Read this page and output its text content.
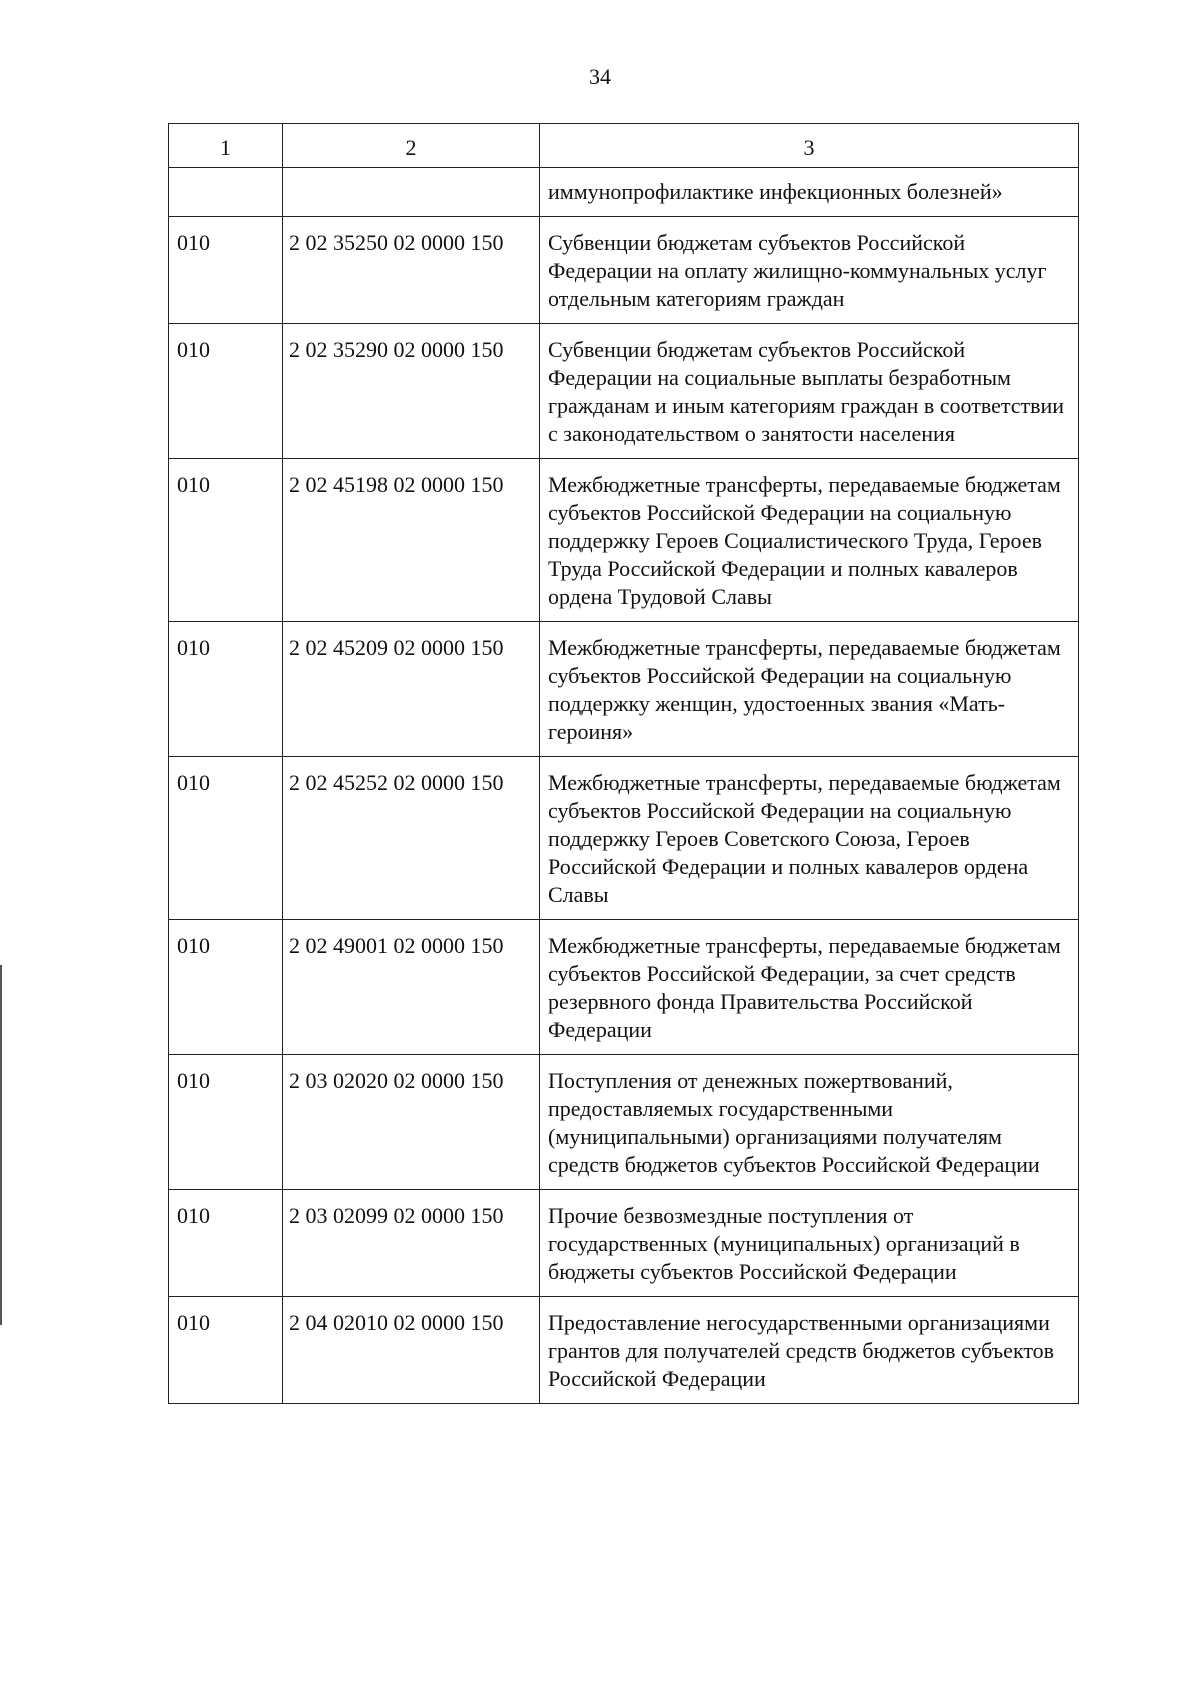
34
1	2	3
		иммунопрофилактике инфекционных болезней»
010	2 02 35250 02 0000 150	Субвенции бюджетам субъектов Российской Федерации на оплату жилищно-коммунальных услуг отдельным категориям граждан
010	2 02 35290 02 0000 150	Субвенции бюджетам субъектов Российской Федерации на социальные выплаты безработным гражданам и иным категориям граждан в соответствии с законодательством о занятости населения
010	2 02 45198 02 0000 150	Межбюджетные трансферты, передаваемые бюджетам субъектов Российской Федерации на социальную поддержку Героев Социалистического Труда, Героев Труда Российской Федерации и полных кавалеров ордена Трудовой Славы
010	2 02 45209 02 0000 150	Межбюджетные трансферты, передаваемые бюджетам субъектов Российской Федерации на социальную поддержку женщин, удостоенных звания «Мать-героиня»
010	2 02 45252 02 0000 150	Межбюджетные трансферты, передаваемые бюджетам субъектов Российской Федерации на социальную поддержку Героев Советского Союза, Героев Российской Федерации и полных кавалеров ордена Славы
010	2 02 49001 02 0000 150	Межбюджетные трансферты, передаваемые бюджетам субъектов Российской Федерации, за счет средств резервного фонда Правительства Российской Федерации
010	2 03 02020 02 0000 150	Поступления от денежных пожертвований, предоставляемых государственными (муниципальными) организациями получателям средств бюджетов субъектов Российской Федерации
010	2 03 02099 02 0000 150	Прочие безвозмездные поступления от государственных (муниципальных) организаций в бюджеты субъектов Российской Федерации
010	2 04 02010 02 0000 150	Предоставление негосударственными организациями грантов для получателей средств бюджетов субъектов Российской Федерации
